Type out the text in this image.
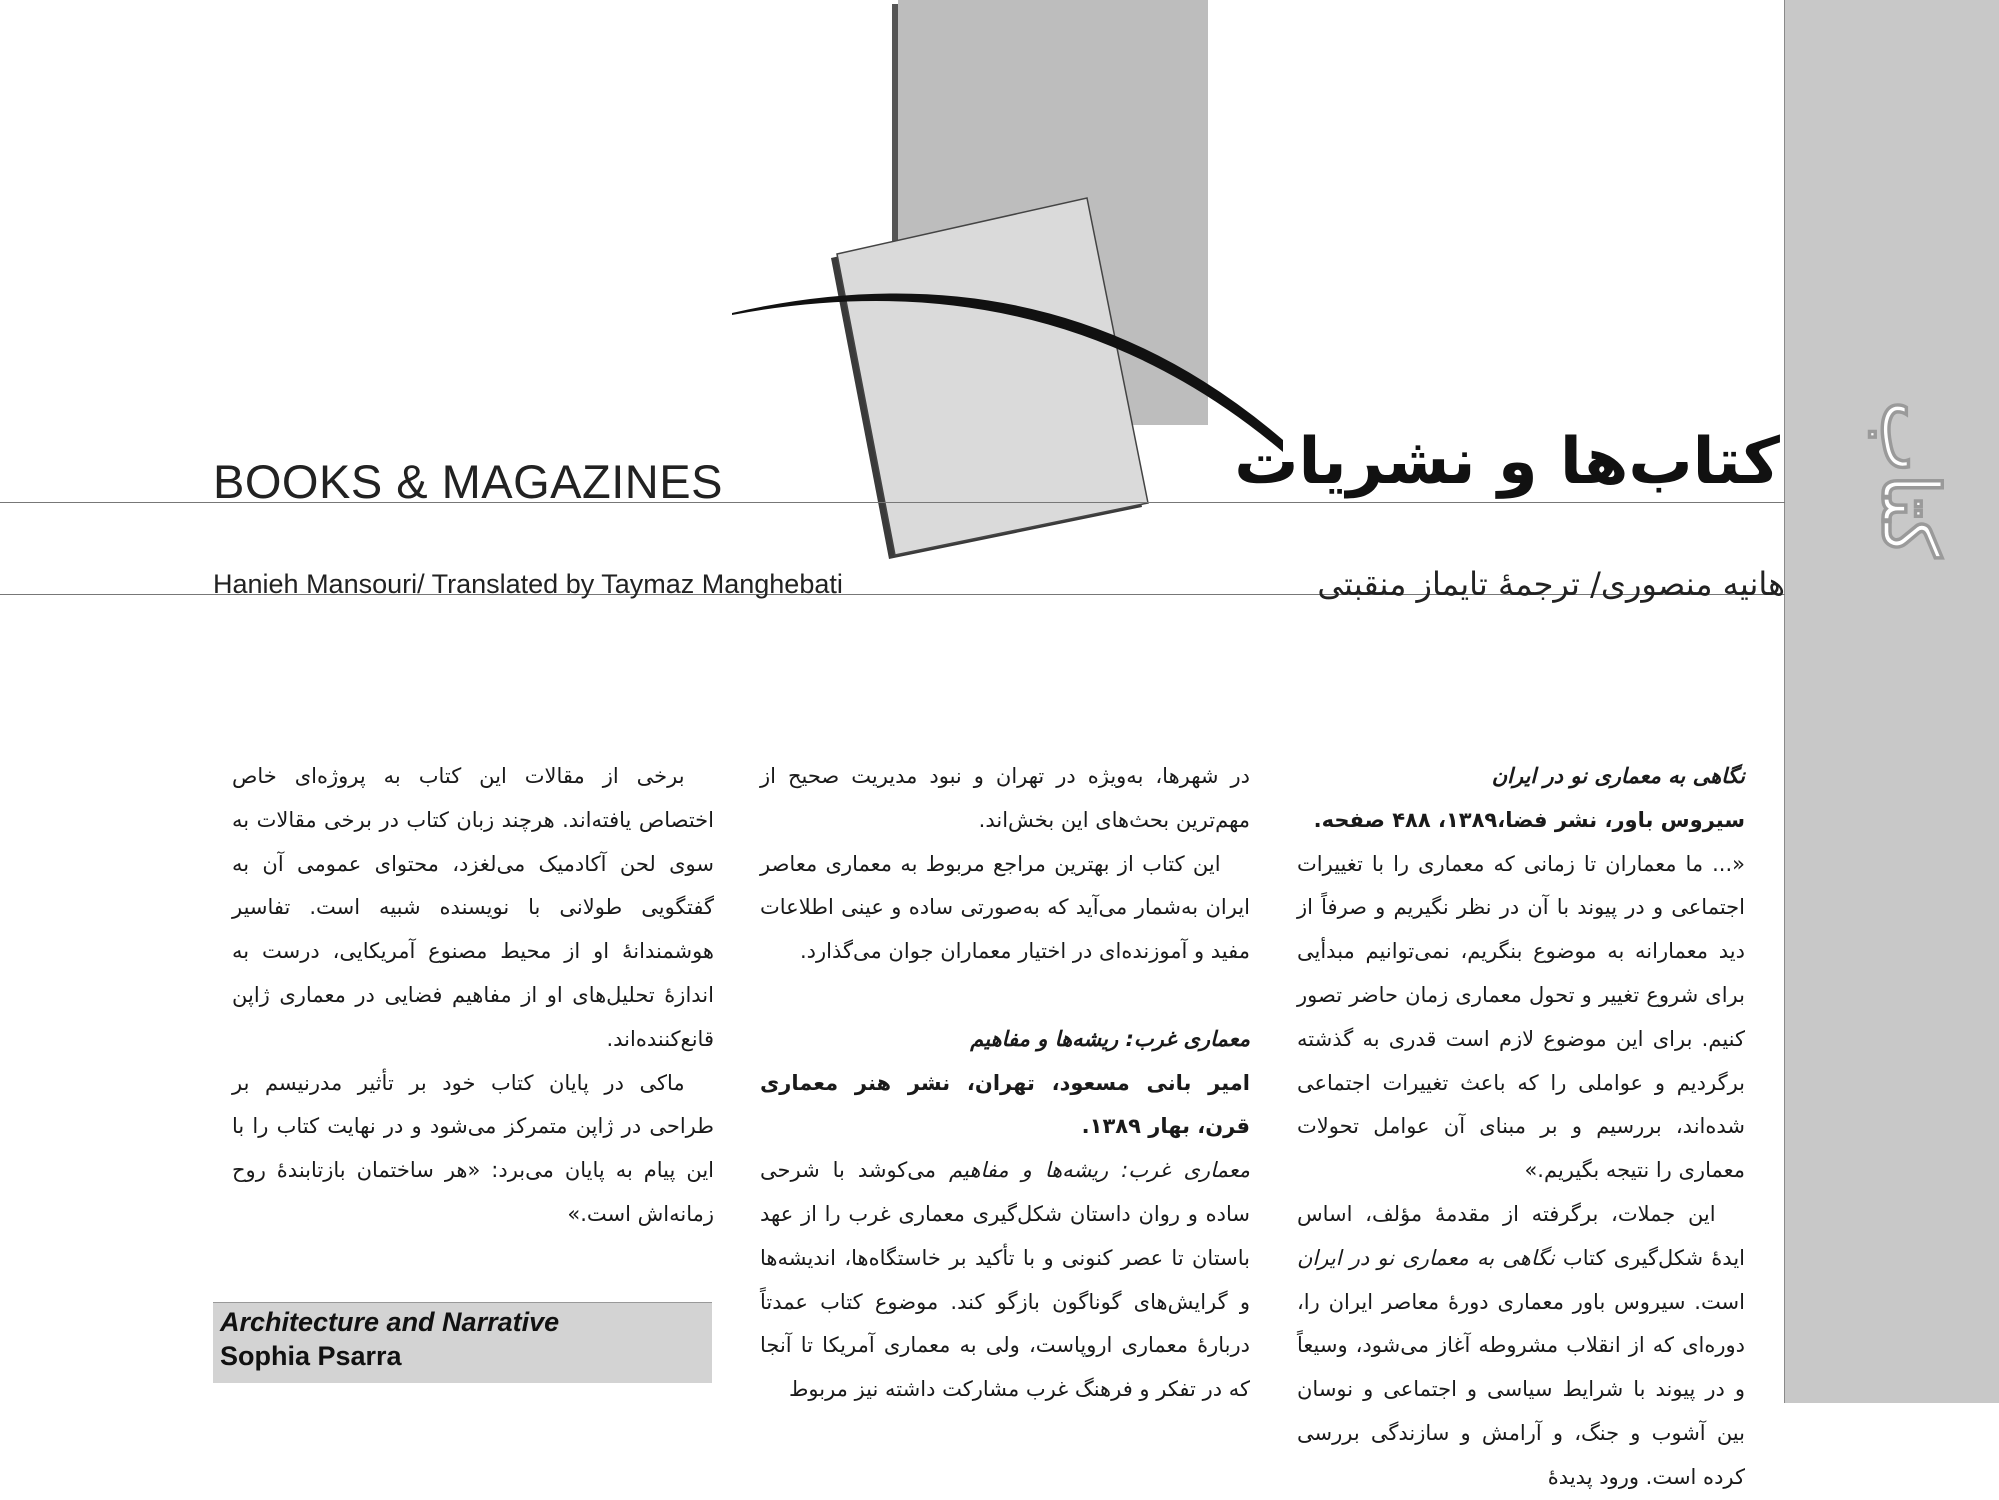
کتاب
BOOKS & MAGAZINES	کتاب‌ها و نشریات
Hanieh Mansouri/ Translated by Taymaz Manghebati	هانیه منصوری/ ترجمهٔ تایماز منقبتی

نگاهی به معماری نو در ایران

سیروس باور، نشر فضا،۱۳۸۹، ۴۸۸ صفحه.

«... ما معماران تا زمانی که معماری را با تغییرات اجتماعی و در پیوند با آن در نظر نگیریم و صرفاً از دید معمارانه به موضوع بنگریم، نمی‌توانیم مبدأیی برای شروع تغییر و تحول معماری زمان حاضر تصور کنیم. برای این موضوع لازم است قدری به گذشته برگردیم و عواملی را که باعث تغییرات اجتماعی شده‌اند، بررسیم و بر مبنای آن عوامل تحولات معماری را نتیجه بگیریم.»

این جملات، برگرفته از مقدمهٔ مؤلف، اساس ایدهٔ شکل‌گیری کتاب نگاهی به معماری نو در ایران است. سیروس باور معماری دورهٔ معاصر ایران را، دوره‌ای که از انقلاب مشروطه آغاز می‌شود، وسیعاً و در پیوند با شرایط سیاسی و اجتماعی و نوسان بین آشوب و جنگ، و آرامش و سازندگی بررسی کرده است. ورود پدیدهٔ

در شهرها، به‌ویژه در تهران و نبود مدیریت صحیح از مهم‌ترین بحث‌های این بخش‌اند.

این کتاب از بهترین مراجع مربوط به معماری معاصر ایران به‌شمار می‌آید که به‌صورتی ساده و عینی اطلاعات مفید و آموزنده‌ای در اختیار معماران جوان می‌گذارد.

معماری غرب: ریشه‌ها و مفاهیم

امیر بانی مسعود، تهران، نشر هنر معماری قرن، بهار ۱۳۸۹.

معماری غرب: ریشه‌ها و مفاهیم می‌کوشد با شرحی ساده و روان داستان شکل‌گیری معماری غرب را از عهد باستان تا عصر کنونی و با تأکید بر خاستگاه‌ها، اندیشه‌ها و گرایش‌های گوناگون بازگو کند. موضوع کتاب عمدتاً دربارهٔ معماری اروپاست، ولی به معماری آمریکا تا آنجا که در تفکر و فرهنگ غرب مشارکت داشته نیز مربوط

برخی از مقالات این کتاب به پروژه‌ای خاص اختصاص یافته‌اند. هرچند زبان کتاب در برخی مقالات به سوی لحن آکادمیک می‌لغزد، محتوای عمومی آن به گفتگویی طولانی با نویسنده شبیه است. تفاسیر هوشمندانهٔ او از محیط مصنوع آمریکایی، درست به اندازهٔ تحلیل‌های او از مفاهیم فضایی در معماری ژاپن قانع‌کننده‌اند.

ماکی در پایان کتاب خود بر تأثیر مدرنیسم بر طراحی در ژاپن متمرکز می‌شود و در نهایت کتاب را با این پیام به پایان می‌برد: «هر ساختمان بازتابندهٔ روح زمانه‌اش است.»

Architecture and Narrative
Sophia Psarra
